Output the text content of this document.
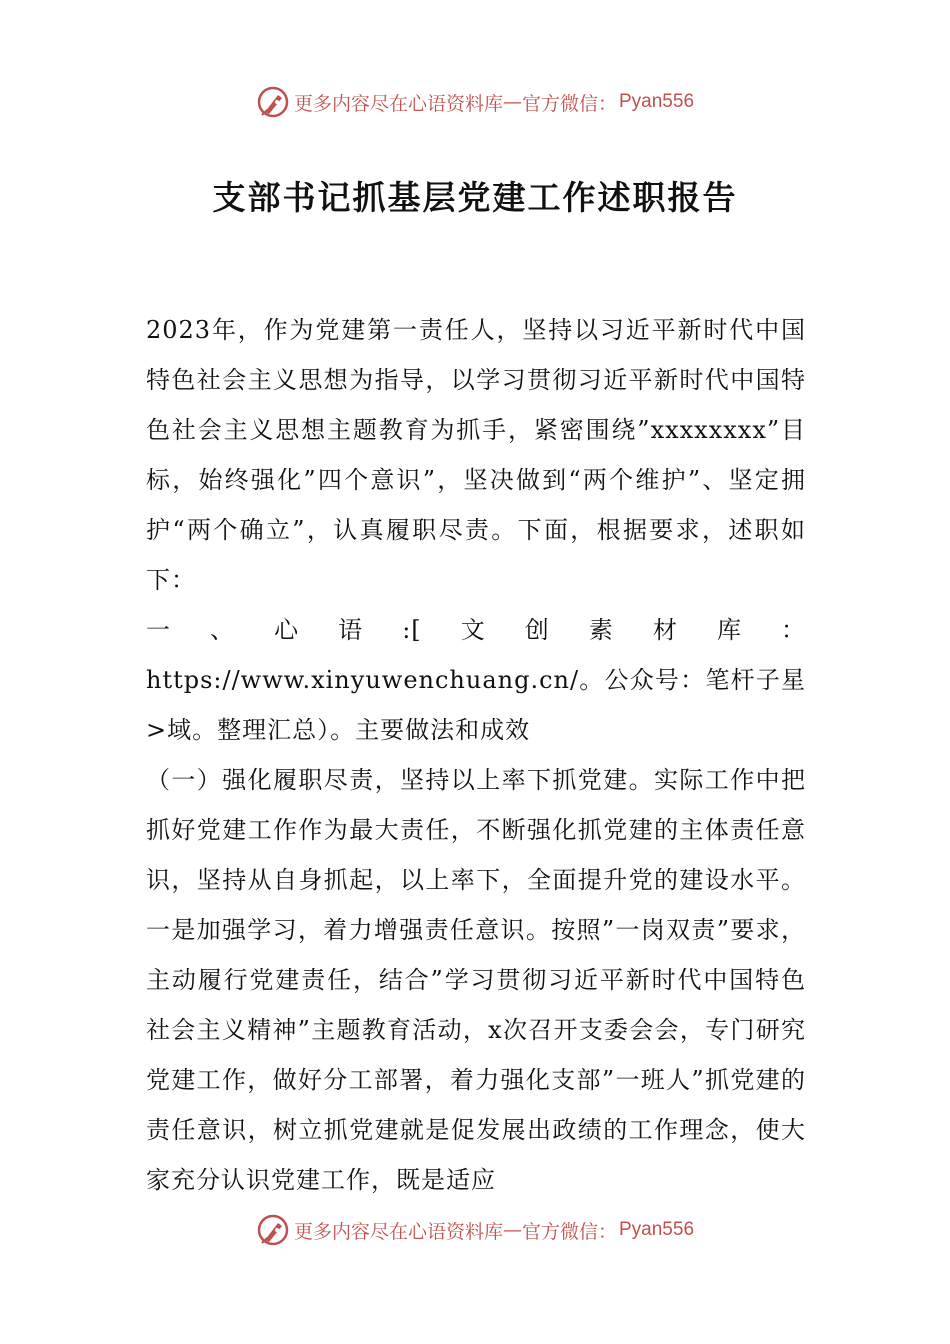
更多内容尽在心语资料库 — 官方微信： Pyan556
支部书记抓基层党建工作述职报告

2023年，作为党建第一责任人，坚持以习近平新时代中国特色社会主义思想为指导，以学习贯彻习近平新时代中国特色社会主义思想主题教育为抓手，紧密围绕”xxxxxxxx”目标，始终强化”四个意识”，坚决做到“两个维护”、坚定拥护“两个确立”，认真履职尽责。下面，根据要求，述职如下：

一、心语:[文创素材库：https://www.xinyuwenchuang.cn/。公众号：笔杆子星>域。整理汇总）。主要做法和成效

（一）强化履职尽责，坚持以上率下抓党建。实际工作中把抓好党建工作作为最大责任，不断强化抓党建的主体责任意识，坚持从自身抓起，以上率下，全面提升党的建设水平。一是加强学习，着力增强责任意识。按照”一岗双责”要求，主动履行党建责任，结合”学习贯彻习近平新时代中国特色社会主义精神”主题教育活动，x次召开支委会会，专门研究党建工作，做好分工部署，着力强化支部”一班人”抓党建的责任意识，树立抓党建就是促发展出政绩的工作理念，使大家充分认识党建工作，既是适应

更多内容尽在心语资料库 — 官方微信： Pyan556
